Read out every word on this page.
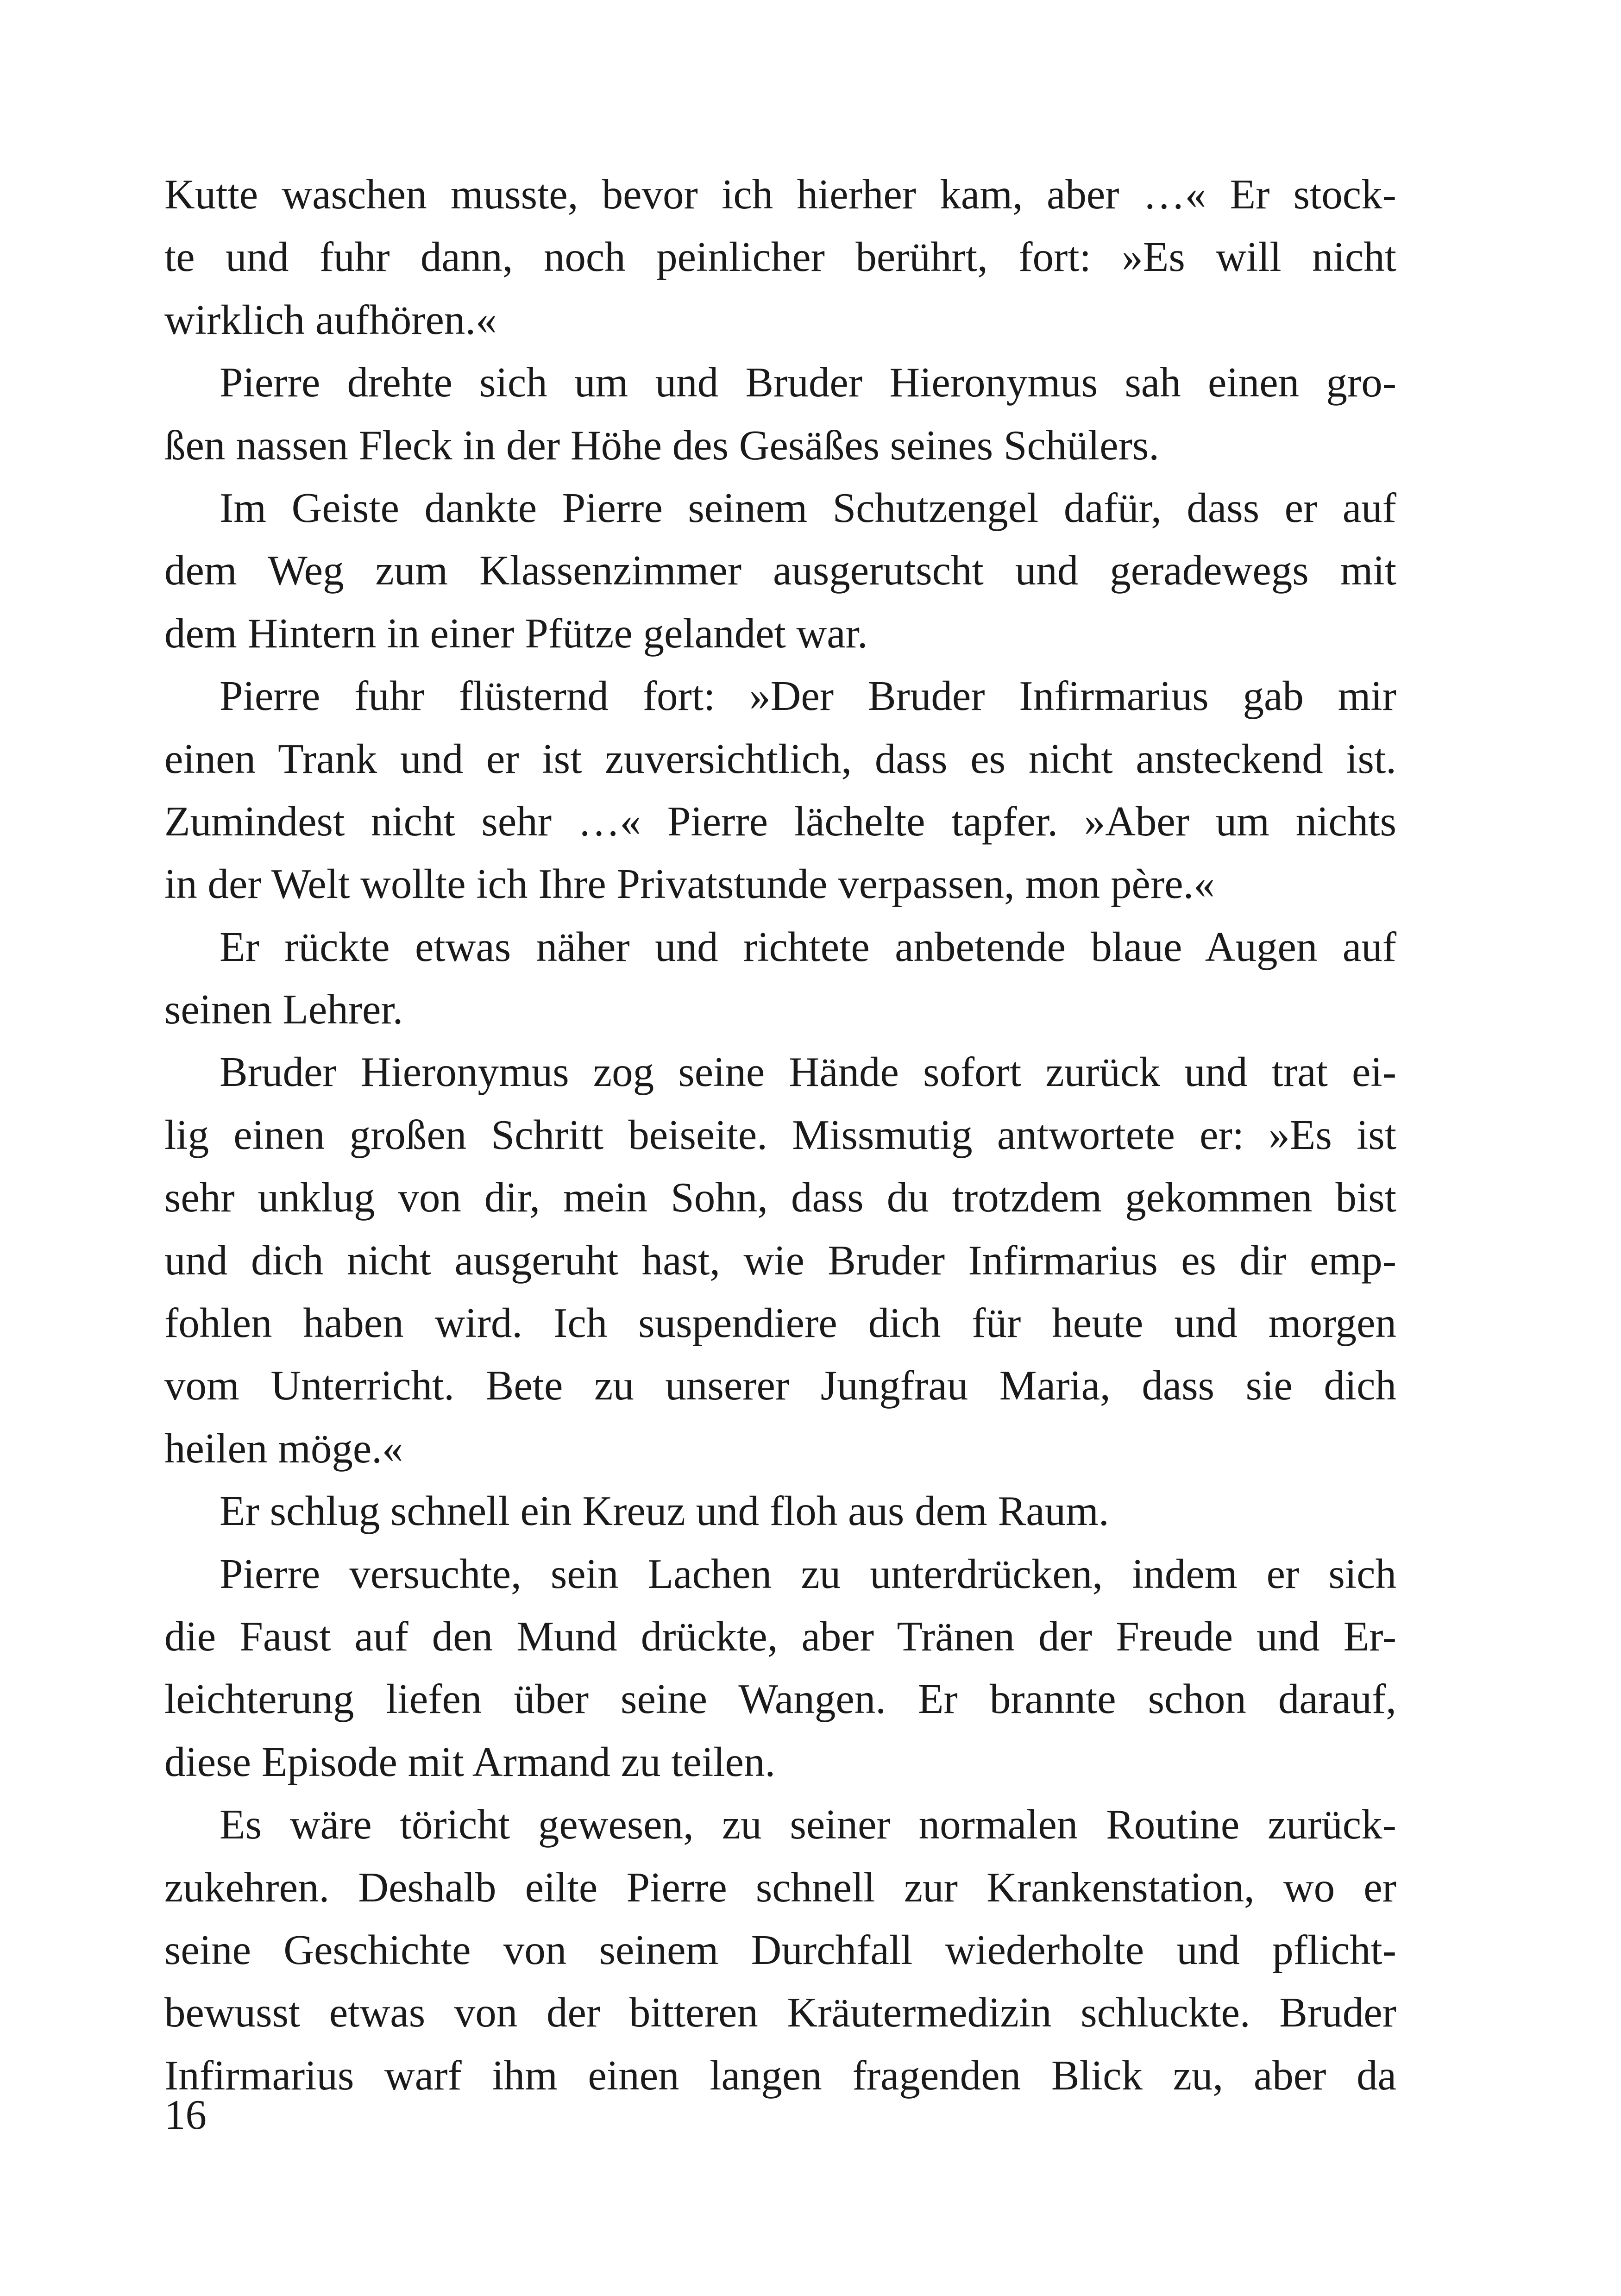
Kutte waschen musste, bevor ich hierher kam, aber …« Er stock-
te und fuhr dann, noch peinlicher berührt, fort: »Es will nicht
wirklich aufhören.«
Pierre drehte sich um und Bruder Hieronymus sah einen gro-
ßen nassen Fleck in der Höhe des Gesäßes seines Schülers.
Im Geiste dankte Pierre seinem Schutzengel dafür, dass er auf
dem Weg zum Klassenzimmer ausgerutscht und geradewegs mit
dem Hintern in einer Pfütze gelandet war.
Pierre fuhr flüsternd fort: »Der Bruder Infirmarius gab mir
einen Trank und er ist zuversichtlich, dass es nicht ansteckend ist.
Zumindest nicht sehr …« Pierre lächelte tapfer. »Aber um nichts
in der Welt wollte ich Ihre Privatstunde verpassen, mon père.«
Er rückte etwas näher und richtete anbetende blaue Augen auf
seinen Lehrer.
Bruder Hieronymus zog seine Hände sofort zurück und trat ei-
lig einen großen Schritt beiseite. Missmutig antwortete er: »Es ist
sehr unklug von dir, mein Sohn, dass du trotzdem gekommen bist
und dich nicht ausgeruht hast, wie Bruder Infirmarius es dir emp-
fohlen haben wird. Ich suspendiere dich für heute und morgen
vom Unterricht. Bete zu unserer Jungfrau Maria, dass sie dich
heilen möge.«
Er schlug schnell ein Kreuz und floh aus dem Raum.
Pierre versuchte, sein Lachen zu unterdrücken, indem er sich
die Faust auf den Mund drückte, aber Tränen der Freude und Er-
leichterung liefen über seine Wangen. Er brannte schon darauf,
diese Episode mit Armand zu teilen.
Es wäre töricht gewesen, zu seiner normalen Routine zurück-
zukehren. Deshalb eilte Pierre schnell zur Krankenstation, wo er
seine Geschichte von seinem Durchfall wiederholte und pflicht-
bewusst etwas von der bitteren Kräutermedizin schluckte. Bruder
Infirmarius warf ihm einen langen fragenden Blick zu, aber da

16
